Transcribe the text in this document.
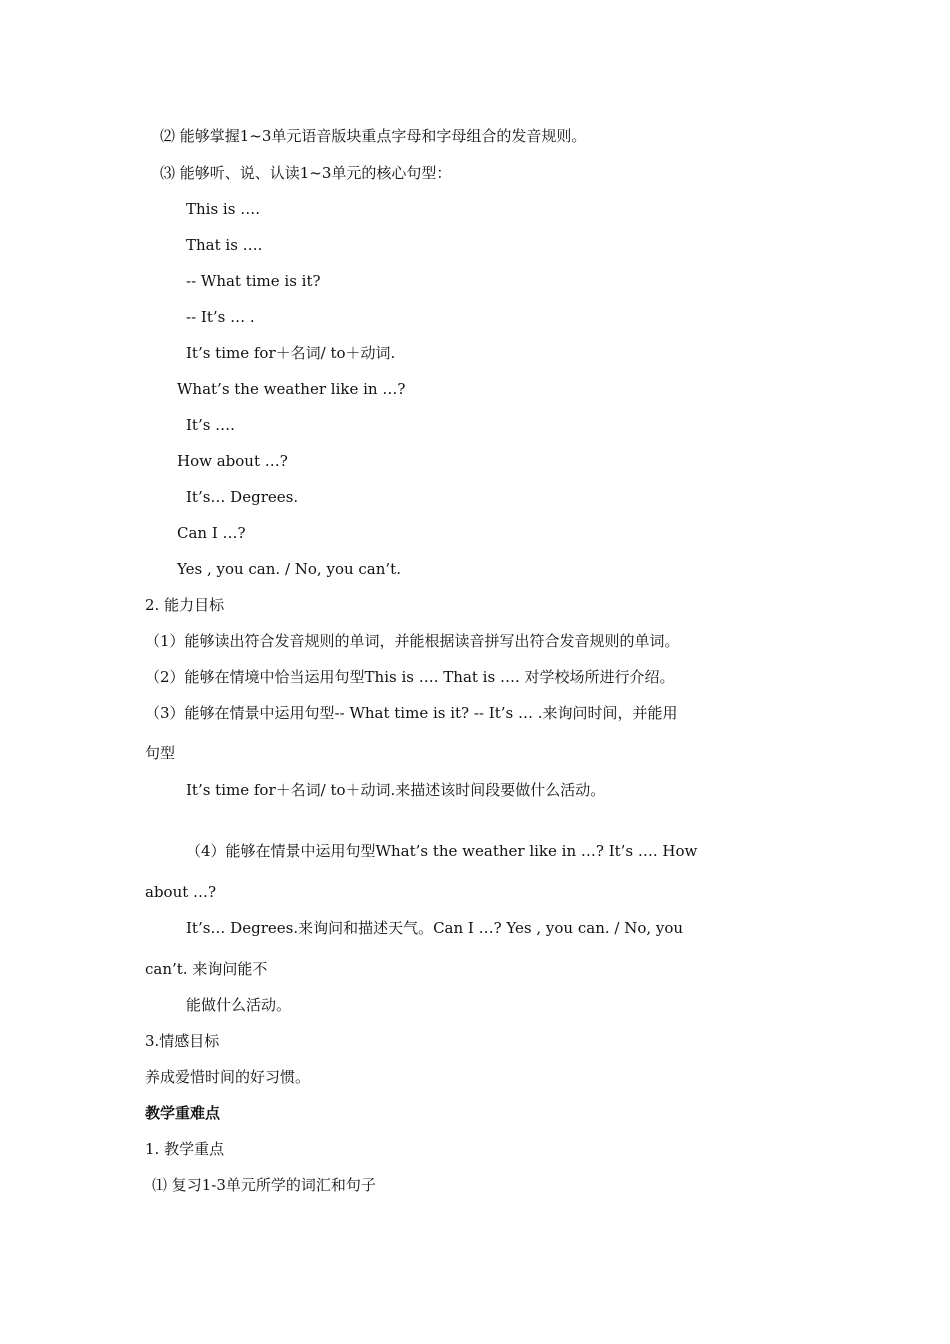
⑵ 能够掌握1~3单元语音版块重点字母和字母组合的发音规则。
⑶ 能够听、说、认读1~3单元的核心句型：
This is ….
That is ….
-- What time is it?
-- It’s … .
It’s time for＋名词/ to＋动词.
What’s the weather like in …?
It’s ….
How about …?
It’s… Degrees.
Can I …?
Yes , you can. / No, you can’t.
2. 能力目标
（1）能够读出符合发音规则的单词，并能根据读音拼写出符合发音规则的单词。
（2）能够在情境中恰当运用句型This is …. That is …. 对学校场所进行介绍。
（3）能够在情景中运用句型-- What time is it? -- It’s … .来询问时间，并能用
句型
It’s time for＋名词/ to＋动词.来描述该时间段要做什么活动。
（4）能够在情景中运用句型What’s the weather like in …? It’s …. How
about …?
It’s… Degrees.来询问和描述天气。Can I …? Yes , you can. / No, you
can’t. 来询问能不
能做什么活动。
3.情感目标
养成爱惜时间的好习惯。
教学重难点
1. 教学重点
⑴ 复习1-3单元所学的词汇和句子
